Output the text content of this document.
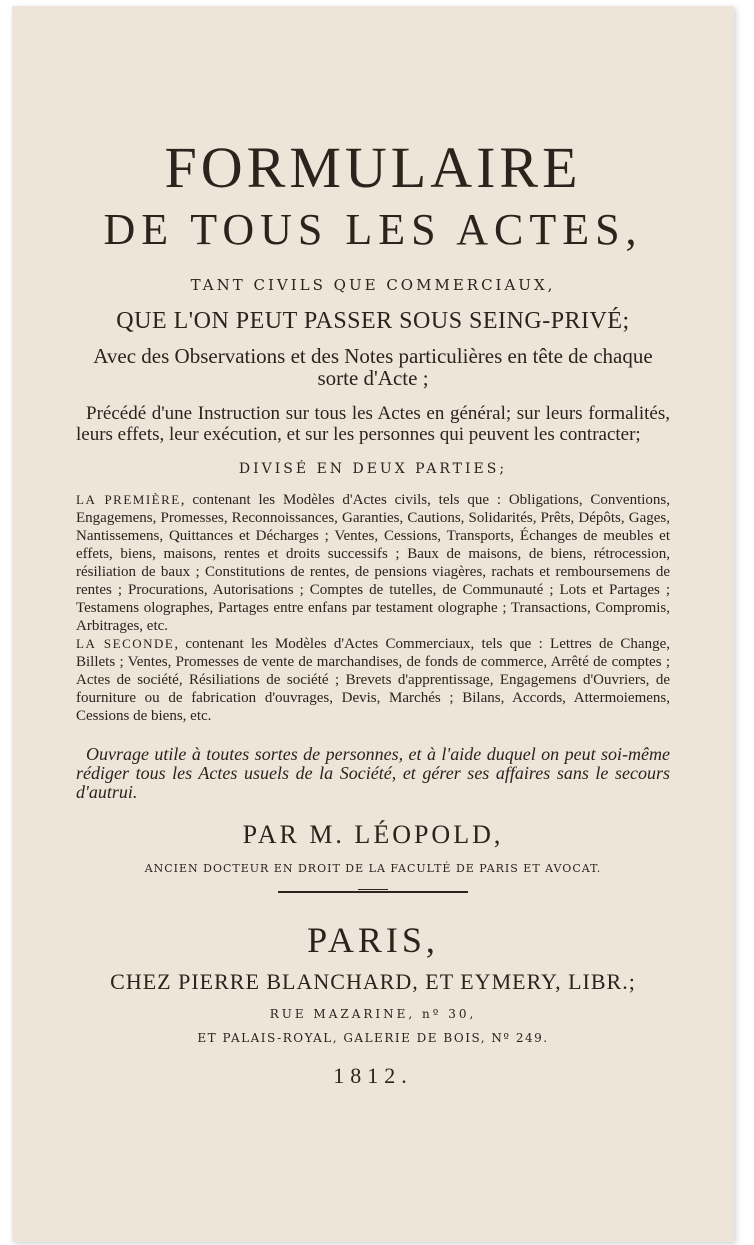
FORMULAIRE
DE TOUS LES ACTES,
TANT CIVILS QUE COMMERCIAUX,
QUE L'ON PEUT PASSER SOUS SEING-PRIVÉ;
Avec des Observations et des Notes particulières en tête de chaque sorte d'Acte ;
Précédé d'une Instruction sur tous les Actes en général; sur leurs formalités, leurs effets, leur exécution, et sur les personnes qui peuvent les contracter;
DIVISÉ EN DEUX PARTIES;

LA PREMIÈRE, contenant les Modèles d'Actes civils, tels que : Obligations, Conventions, Engagemens, Promesses, Reconnoissances, Garanties, Cautions, Solidarités, Prêts, Dépôts, Gages, Nantissemens, Quittances et Décharges ; Ventes, Cessions, Transports, Échanges de meubles et effets, biens, maisons, rentes et droits successifs ; Baux de maisons, de biens, rétrocession, résiliation de baux ; Constitutions de rentes, de pensions viagères, rachats et remboursemens de rentes ; Procurations, Autorisations ; Comptes de tutelles, de Communauté ; Lots et Partages ; Testamens olographes, Partages entre enfans par testament olographe ; Transactions, Compromis, Arbitrages, etc.

LA SECONDE, contenant les Modèles d'Actes Commerciaux, tels que : Lettres de Change, Billets ; Ventes, Promesses de vente de marchandises, de fonds de commerce, Arrêté de comptes ; Actes de société, Résiliations de société ; Brevets d'apprentissage, Engagemens d'Ouvriers, de fourniture ou de fabrication d'ouvrages, Devis, Marchés ; Bilans, Accords, Attermoiemens, Cessions de biens, etc.

Ouvrage utile à toutes sortes de personnes, et à l'aide duquel on peut soi-même rédiger tous les Actes usuels de la Société, et gérer ses affaires sans le secours d'autrui.
PAR M. LÉOPOLD,
ANCIEN DOCTEUR EN DROIT DE LA FACULTÉ DE PARIS ET AVOCAT.
PARIS,
CHEZ PIERRE BLANCHARD, ET EYMERY, LIBR.;
RUE MAZARINE, nº 30,
ET PALAIS-ROYAL, GALERIE DE BOIS, Nº 249.
1812.
